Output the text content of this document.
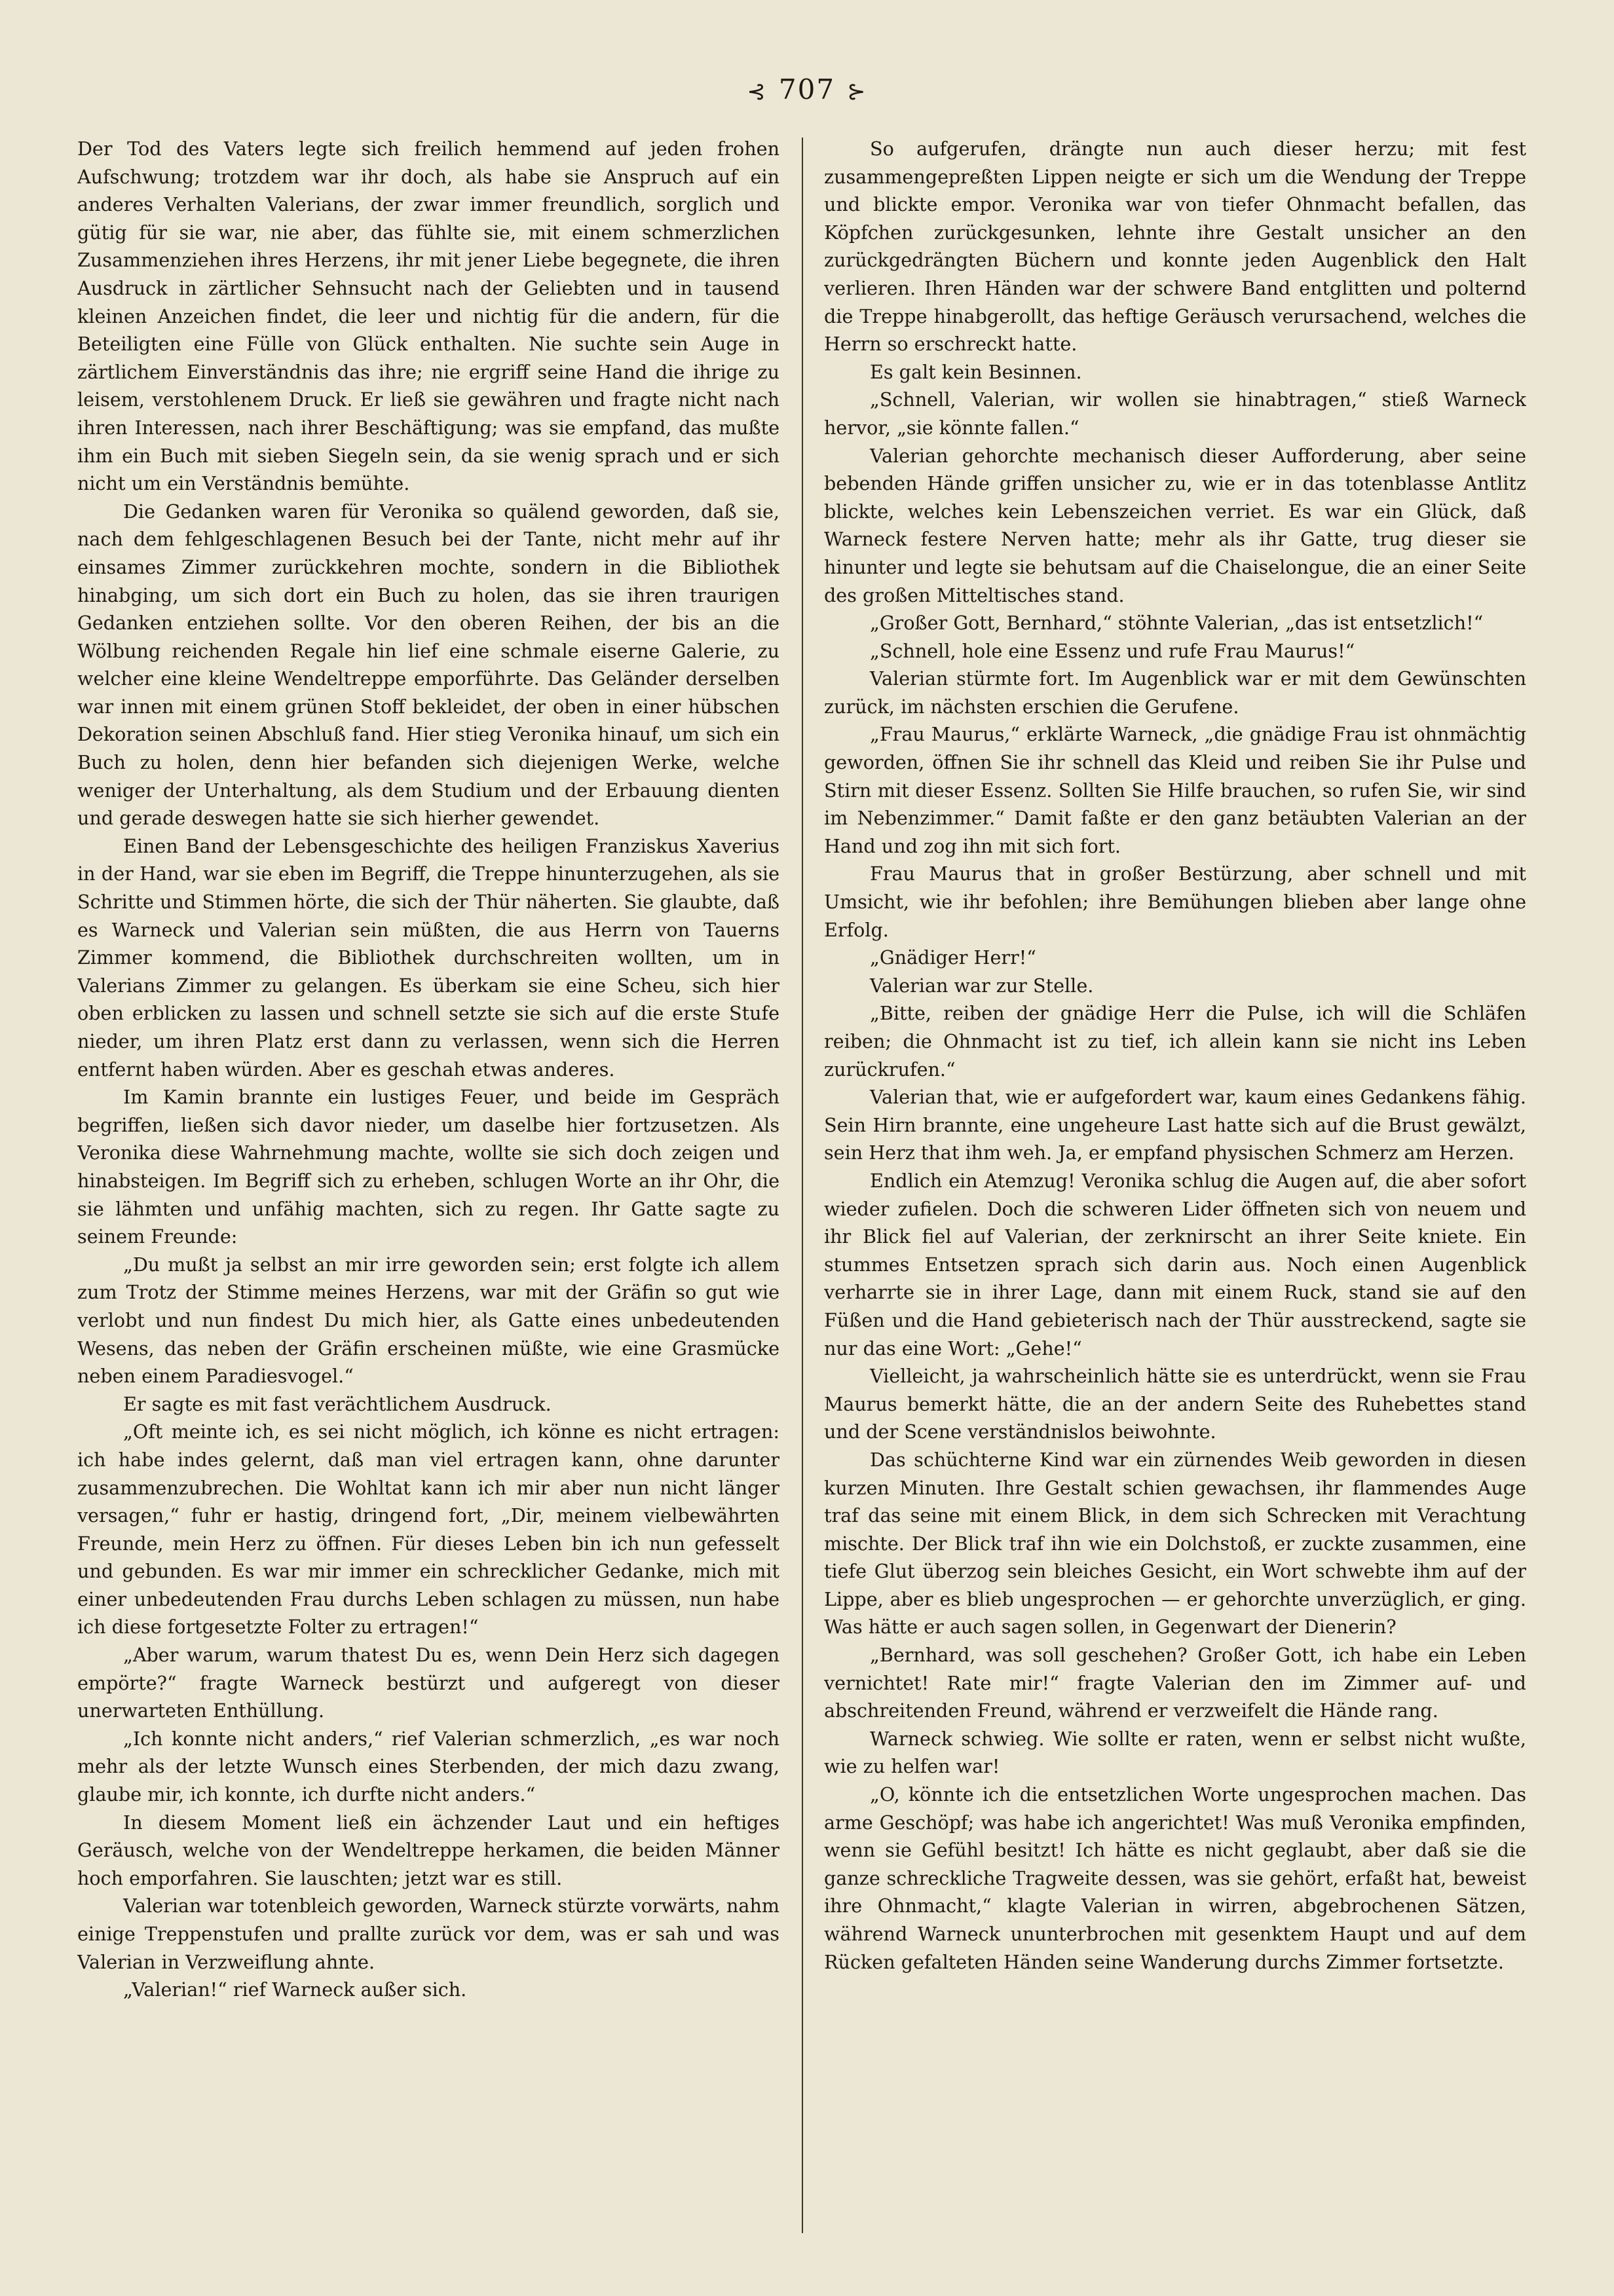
⊰ 707 ⊱

Der Tod des Vaters legte sich freilich hemmend auf jeden frohen Aufschwung; trotzdem war ihr doch, als habe sie Anspruch auf ein anderes Verhalten Valerians, der zwar immer freundlich, sorglich und gütig für sie war, nie aber, das fühlte sie, mit einem schmerzlichen Zusammenziehen ihres Herzens, ihr mit jener Liebe begegnete, die ihren Ausdruck in zärtlicher Sehnsucht nach der Geliebten und in tausend kleinen Anzeichen findet, die leer und nichtig für die andern, für die Beteiligten eine Fülle von Glück enthalten. Nie suchte sein Auge in zärtlichem Einverständnis das ihre; nie ergriff seine Hand die ihrige zu leisem, verstohlenem Druck. Er ließ sie gewähren und fragte nicht nach ihren Interessen, nach ihrer Beschäftigung; was sie empfand, das mußte ihm ein Buch mit sieben Siegeln sein, da sie wenig sprach und er sich nicht um ein Verständnis bemühte.

Die Gedanken waren für Veronika so quälend geworden, daß sie, nach dem fehlgeschlagenen Besuch bei der Tante, nicht mehr auf ihr einsames Zimmer zurückkehren mochte, sondern in die Bibliothek hinabging, um sich dort ein Buch zu holen, das sie ihren traurigen Gedanken entziehen sollte. Vor den oberen Reihen, der bis an die Wölbung reichenden Regale hin lief eine schmale eiserne Galerie, zu welcher eine kleine Wendeltreppe emporführte. Das Geländer derselben war innen mit einem grünen Stoff bekleidet, der oben in einer hübschen Dekoration seinen Abschluß fand. Hier stieg Veronika hinauf, um sich ein Buch zu holen, denn hier befanden sich diejenigen Werke, welche weniger der Unterhaltung, als dem Studium und der Erbauung dienten und gerade deswegen hatte sie sich hierher gewendet.

Einen Band der Lebensgeschichte des heiligen Franziskus Xaverius in der Hand, war sie eben im Begriff, die Treppe hinunterzugehen, als sie Schritte und Stimmen hörte, die sich der Thür näherten. Sie glaubte, daß es Warneck und Valerian sein müßten, die aus Herrn von Tauerns Zimmer kommend, die Bibliothek durchschreiten wollten, um in Valerians Zimmer zu gelangen. Es überkam sie eine Scheu, sich hier oben erblicken zu lassen und schnell setzte sie sich auf die erste Stufe nieder, um ihren Platz erst dann zu verlassen, wenn sich die Herren entfernt haben würden. Aber es geschah etwas anderes.

Im Kamin brannte ein lustiges Feuer, und beide im Gespräch begriffen, ließen sich davor nieder, um daselbe hier fortzusetzen. Als Veronika diese Wahrnehmung machte, wollte sie sich doch zeigen und hinabsteigen. Im Begriff sich zu erheben, schlugen Worte an ihr Ohr, die sie lähmten und unfähig machten, sich zu regen. Ihr Gatte sagte zu seinem Freunde:

„Du mußt ja selbst an mir irre geworden sein; erst folgte ich allem zum Trotz der Stimme meines Herzens, war mit der Gräfin so gut wie verlobt und nun findest Du mich hier, als Gatte eines unbedeutenden Wesens, das neben der Gräfin erscheinen müßte, wie eine Grasmücke neben einem Paradiesvogel.“

Er sagte es mit fast verächtlichem Ausdruck.

„Oft meinte ich, es sei nicht möglich, ich könne es nicht ertragen: ich habe indes gelernt, daß man viel ertragen kann, ohne darunter zusammenzubrechen. Die Wohltat kann ich mir aber nun nicht länger versagen,“ fuhr er hastig, dringend fort, „Dir, meinem vielbewährten Freunde, mein Herz zu öffnen. Für dieses Leben bin ich nun gefesselt und gebunden. Es war mir immer ein schrecklicher Gedanke, mich mit einer unbedeutenden Frau durchs Leben schlagen zu müssen, nun habe ich diese fortgesetzte Folter zu ertragen!“

„Aber warum, warum thatest Du es, wenn Dein Herz sich dagegen empörte?“ fragte Warneck bestürzt und aufgeregt von dieser unerwarteten Enthüllung.

„Ich konnte nicht anders,“ rief Valerian schmerzlich, „es war noch mehr als der letzte Wunsch eines Sterbenden, der mich dazu zwang, glaube mir, ich konnte, ich durfte nicht anders.“

In diesem Moment ließ ein ächzender Laut und ein heftiges Geräusch, welche von der Wendeltreppe herkamen, die beiden Männer hoch emporfahren. Sie lauschten; jetzt war es still.

Valerian war totenbleich geworden, Warneck stürzte vorwärts, nahm einige Treppenstufen und prallte zurück vor dem, was er sah und was Valerian in Verzweiflung ahnte.

„Valerian!“ rief Warneck außer sich.

So aufgerufen, drängte nun auch dieser herzu; mit fest zusammengepreßten Lippen neigte er sich um die Wendung der Treppe und blickte empor. Veronika war von tiefer Ohnmacht befallen, das Köpfchen zurückgesunken, lehnte ihre Gestalt unsicher an den zurückgedrängten Büchern und konnte jeden Augenblick den Halt verlieren. Ihren Händen war der schwere Band entglitten und polternd die Treppe hinabgerollt, das heftige Geräusch verursachend, welches die Herrn so erschreckt hatte.

Es galt kein Besinnen.

„Schnell, Valerian, wir wollen sie hinabtragen,“ stieß Warneck hervor, „sie könnte fallen.“

Valerian gehorchte mechanisch dieser Aufforderung, aber seine bebenden Hände griffen unsicher zu, wie er in das totenblasse Antlitz blickte, welches kein Lebenszeichen verriet. Es war ein Glück, daß Warneck festere Nerven hatte; mehr als ihr Gatte, trug dieser sie hinunter und legte sie behutsam auf die Chaiselongue, die an einer Seite des großen Mitteltisches stand.

„Großer Gott, Bernhard,“ stöhnte Valerian, „das ist entsetzlich!“

„Schnell, hole eine Essenz und rufe Frau Maurus!“

Valerian stürmte fort. Im Augenblick war er mit dem Gewünschten zurück, im nächsten erschien die Gerufene.

„Frau Maurus,“ erklärte Warneck, „die gnädige Frau ist ohnmächtig geworden, öffnen Sie ihr schnell das Kleid und reiben Sie ihr Pulse und Stirn mit dieser Essenz. Sollten Sie Hilfe brauchen, so rufen Sie, wir sind im Nebenzimmer.“ Damit faßte er den ganz betäubten Valerian an der Hand und zog ihn mit sich fort.

Frau Maurus that in großer Bestürzung, aber schnell und mit Umsicht, wie ihr befohlen; ihre Bemühungen blieben aber lange ohne Erfolg.

„Gnädiger Herr!“

Valerian war zur Stelle.

„Bitte, reiben der gnädige Herr die Pulse, ich will die Schläfen reiben; die Ohnmacht ist zu tief, ich allein kann sie nicht ins Leben zurückrufen.“

Valerian that, wie er aufgefordert war, kaum eines Gedankens fähig. Sein Hirn brannte, eine ungeheure Last hatte sich auf die Brust gewälzt, sein Herz that ihm weh. Ja, er empfand physischen Schmerz am Herzen.

Endlich ein Atemzug! Veronika schlug die Augen auf, die aber sofort wieder zufielen. Doch die schweren Lider öffneten sich von neuem und ihr Blick fiel auf Valerian, der zerknirscht an ihrer Seite kniete. Ein stummes Entsetzen sprach sich darin aus. Noch einen Augenblick verharrte sie in ihrer Lage, dann mit einem Ruck, stand sie auf den Füßen und die Hand gebieterisch nach der Thür ausstreckend, sagte sie nur das eine Wort: „Gehe!“

Vielleicht, ja wahrscheinlich hätte sie es unterdrückt, wenn sie Frau Maurus bemerkt hätte, die an der andern Seite des Ruhebettes stand und der Scene verständnislos beiwohnte.

Das schüchterne Kind war ein zürnendes Weib geworden in diesen kurzen Minuten. Ihre Gestalt schien gewachsen, ihr flammendes Auge traf das seine mit einem Blick, in dem sich Schrecken mit Verachtung mischte. Der Blick traf ihn wie ein Dolchstoß, er zuckte zusammen, eine tiefe Glut überzog sein bleiches Gesicht, ein Wort schwebte ihm auf der Lippe, aber es blieb ungesprochen — er gehorchte unverzüglich, er ging. Was hätte er auch sagen sollen, in Gegenwart der Dienerin?

„Bernhard, was soll geschehen? Großer Gott, ich habe ein Leben vernichtet! Rate mir!“ fragte Valerian den im Zimmer auf- und abschreitenden Freund, während er verzweifelt die Hände rang.

Warneck schwieg. Wie sollte er raten, wenn er selbst nicht wußte, wie zu helfen war!

„O, könnte ich die entsetzlichen Worte ungesprochen machen. Das arme Geschöpf; was habe ich angerichtet! Was muß Veronika empfinden, wenn sie Gefühl besitzt! Ich hätte es nicht geglaubt, aber daß sie die ganze schreckliche Tragweite dessen, was sie gehört, erfaßt hat, beweist ihre Ohnmacht,“ klagte Valerian in wirren, abgebrochenen Sätzen, während Warneck ununterbrochen mit gesenktem Haupt und auf dem Rücken gefalteten Händen seine Wanderung durchs Zimmer fortsetzte.
